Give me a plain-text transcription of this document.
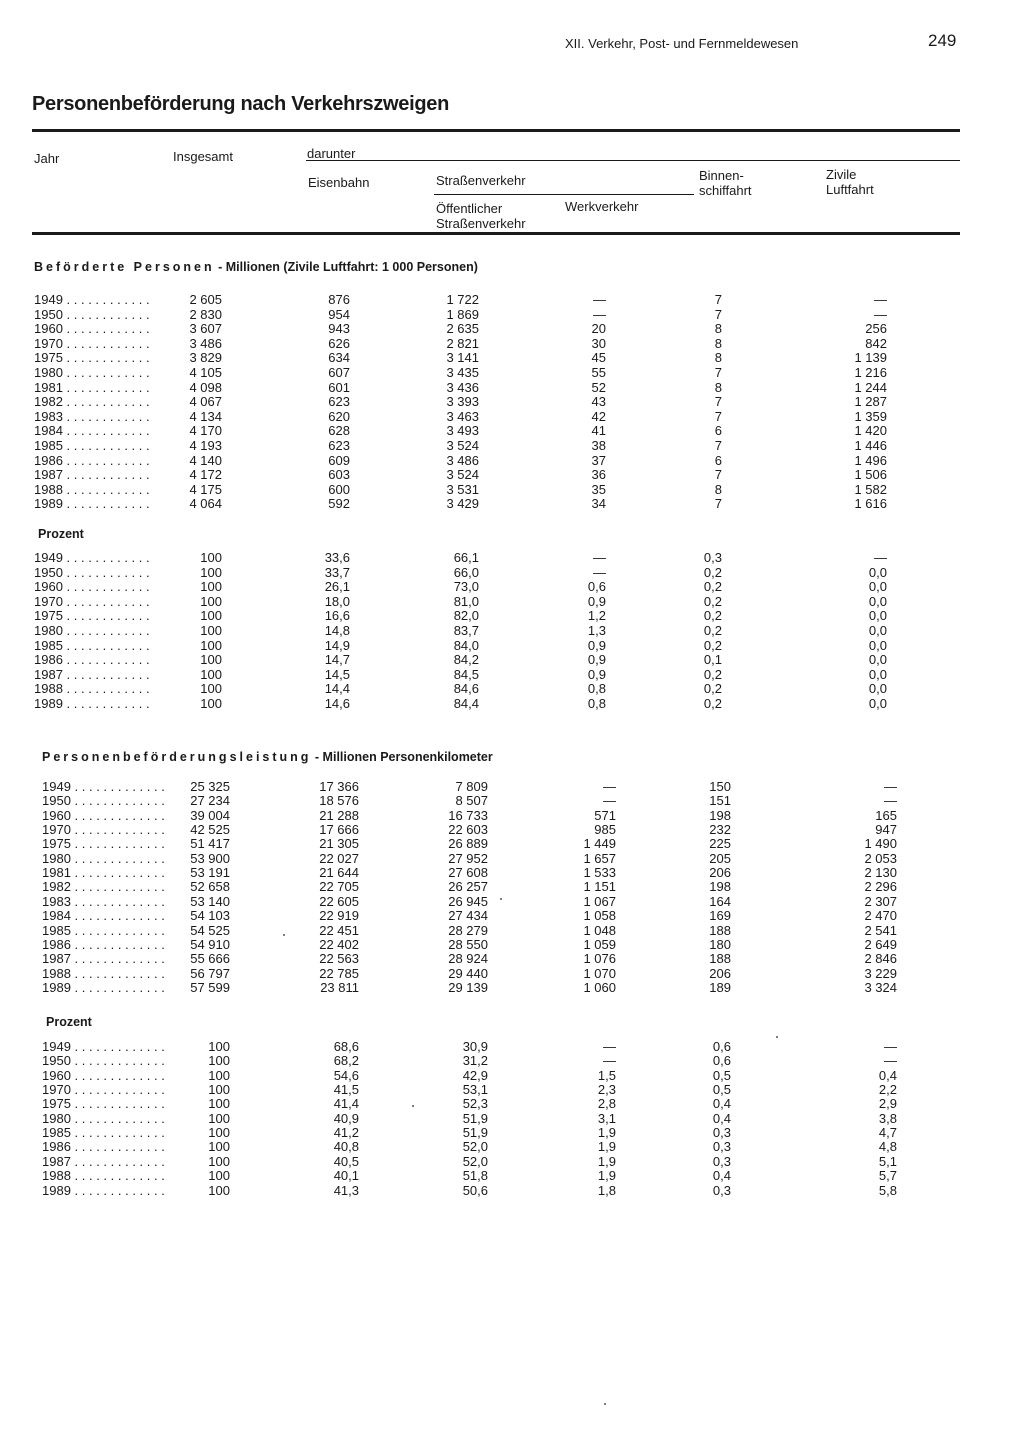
XII. Verkehr, Post- und Fernmeldewesen	249
Personenbeförderung nach Verkehrszweigen
Jahr	Insgesamt	darunter
Eisenbahn	Straßenverkehr
Öffentlicher
Straßenverkehr
Werkverkehr
Binnen-
schiffahrt
Zivile
Luftfahrt
Beförderte Personen - Millionen (Zivile Luftfahrt: 1 000 Personen)
1949 . . .	2 605	876	1 722	—	7	—
1950 . . .	2 830	954	1 869	—	7	—
1960 . . .	3 607	943	2 635	20	8	256
1970 . . .	3 486	626	2 821	30	8	842
1975 . . .	3 829	634	3 141	45	8	1 139
1980 . . .	4 105	607	3 435	55	7	1 216
1981 . . .	4 098	601	3 436	52	8	1 244
1982 . . .	4 067	623	3 393	43	7	1 287
1983 . . .	4 134	620	3 463	42	7	1 359
1984 . . .	4 170	628	3 493	41	6	1 420
1985 . . .	4 193	623	3 524	38	7	1 446
1986 . . .	4 140	609	3 486	37	6	1 496
1987 . . .	4 172	603	3 524	36	7	1 506
1988 . . .	4 175	600	3 531	35	8	1 582
1989 . . .	4 064	592	3 429	34	7	1 616
Prozent
1949 . . .	100	33,6	66,1	—	0,3	—
1950 . . .	100	33,7	66,0	—	0,2	0,0
1960 . . .	100	26,1	73,0	0,6	0,2	0,0
1970 . . .	100	18,0	81,0	0,9	0,2	0,0
1975 . . .	100	16,6	82,0	1,2	0,2	0,0
1980 . . .	100	14,8	83,7	1,3	0,2	0,0
1985 . . .	100	14,9	84,0	0,9	0,2	0,0
1986 . . .	100	14,7	84,2	0,9	0,1	0,0
1987 . . .	100	14,5	84,5	0,9	0,2	0,0
1988 . . .	100	14,4	84,6	0,8	0,2	0,0
1989 . . .	100	14,6	84,4	0,8	0,2	0,0
Personenbeförderungsleistung - Millionen Personenkilometer
1949 . . .	25 325	17 366	7 809	—	150	—
1950 . . .	27 234	18 576	8 507	—	151	—
1960 . . .	39 004	21 288	16 733	571	198	165
1970 . . .	42 525	17 666	22 603	985	232	947
1975 . . .	51 417	21 305	26 889	1 449	225	1 490
1980 . . .	53 900	22 027	27 952	1 657	205	2 053
1981 . . .	53 191	21 644	27 608	1 533	206	2 130
1982 . . .	52 658	22 705	26 257	1 151	198	2 296
1983 . . .	53 140	22 605	26 945	1 067	164	2 307
1984 . . .	54 103	22 919	27 434	1 058	169	2 470
1985 . . .	54 525	22 451	28 279	1 048	188	2 541
1986 . . .	54 910	22 402	28 550	1 059	180	2 649
1987 . . .	55 666	22 563	28 924	1 076	188	2 846
1988 . . .	56 797	22 785	29 440	1 070	206	3 229
1989 . . .	57 599	23 811	29 139	1 060	189	3 324
Prozent
1949 . . .	100	68,6	30,9	—	0,6	—
1950 . . .	100	68,2	31,2	—	0,6	—
1960 . . .	100	54,6	42,9	1,5	0,5	0,4
1970 . . .	100	41,5	53,1	2,3	0,5	2,2
1975 . . .	100	41,4	52,3	2,8	0,4	2,9
1980 . . .	100	40,9	51,9	3,1	0,4	3,8
1985 . . .	100	41,2	51,9	1,9	0,3	4,7
1986 . . .	100	40,8	52,0	1,9	0,3	4,8
1987 . . .	100	40,5	52,0	1,9	0,3	5,1
1988 . . .	100	40,1	51,8	1,9	0,4	5,7
1989 . . .	100	41,3	50,6	1,8	0,3	5,8
